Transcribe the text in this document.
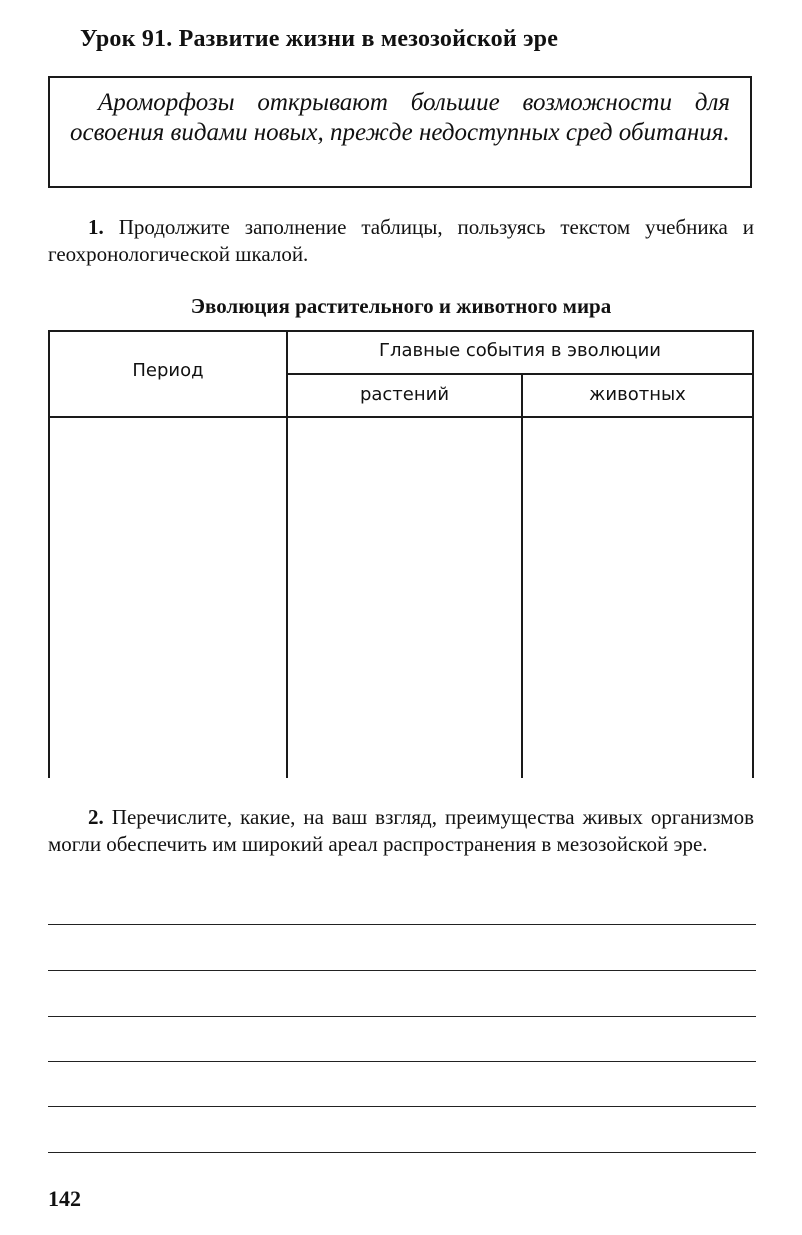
Урок 91. Развитие жизни в мезозойской эре
Ароморфозы открывают большие возможности для освоения видами новых, прежде недоступных сред обитания.
1. Продолжите заполнение таблицы, пользуясь текстом учебника и геохронологической шкалой.
Эволюция растительного и животного мира
Период
Главные события в эволюции
растений	животных
2. Перечислите, какие, на ваш взгляд, преимущества живых организмов могли обеспечить им широкий ареал распространения в мезозойской эре.
142
